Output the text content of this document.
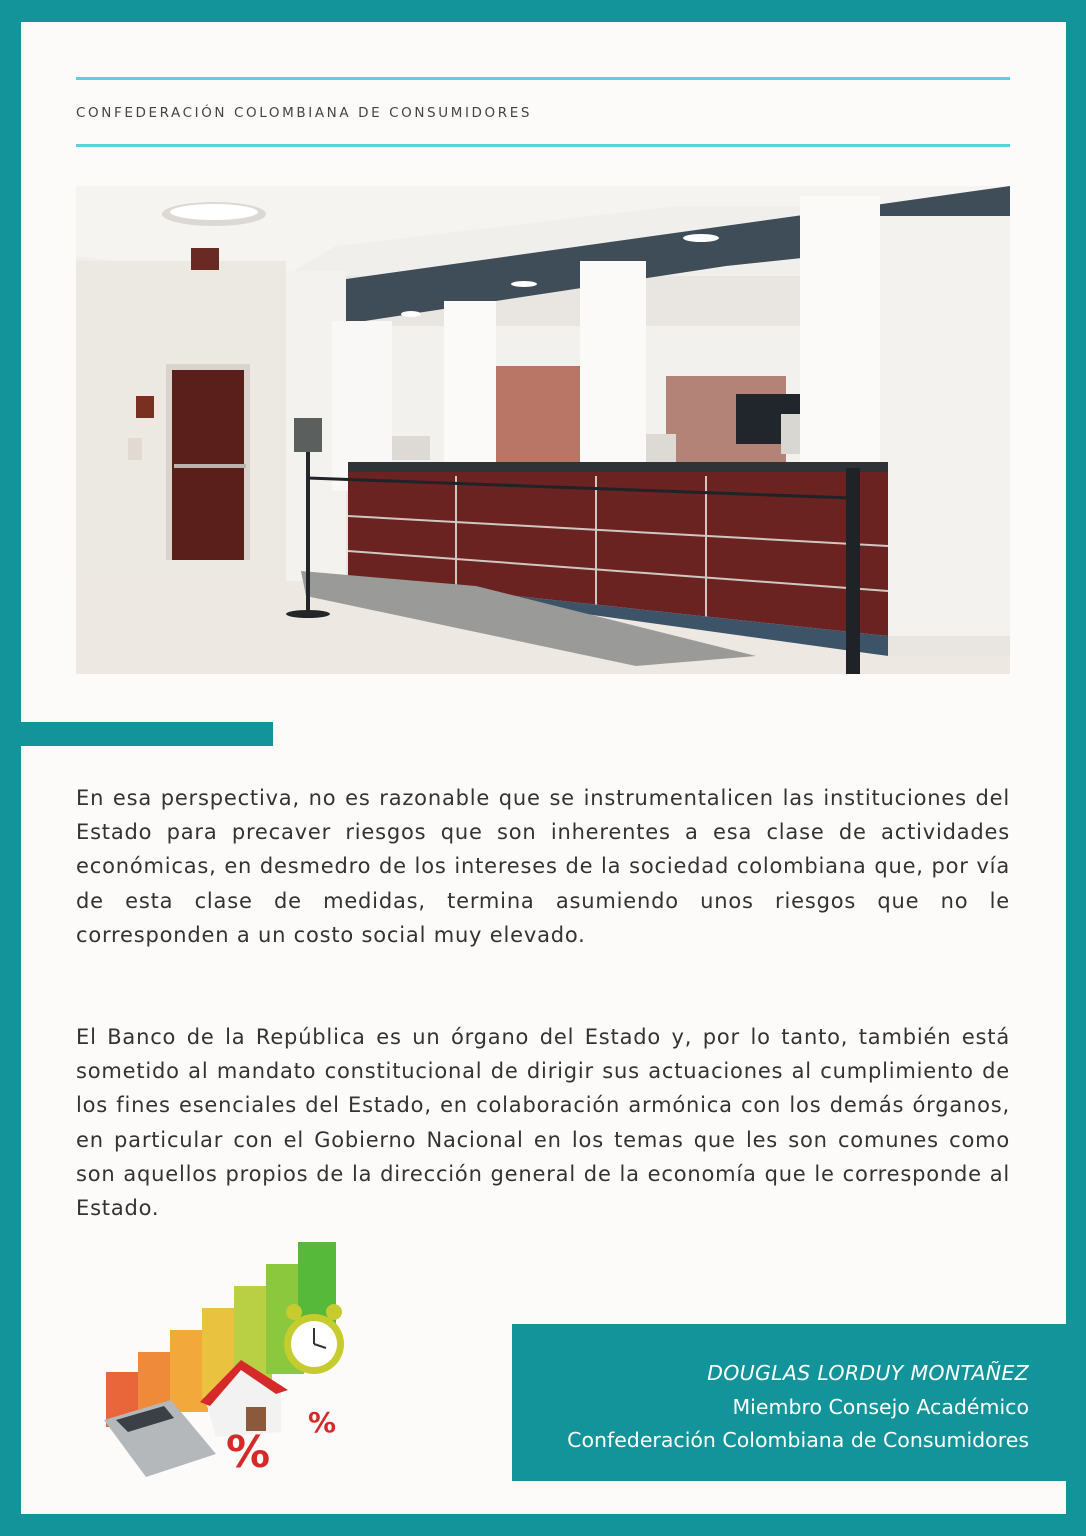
CONFEDERACIÓN COLOMBIANA DE CONSUMIDORES

En esa perspectiva, no es razonable que se instrumentalicen las instituciones del Estado para precaver riesgos que son inherentes a esa clase de actividades económicas, en desmedro de los intereses de la sociedad colombiana que, por vía de esta clase de medidas, termina asumiendo unos riesgos que no le corresponden a un costo social muy elevado.

El Banco de la República es un órgano del Estado y, por lo tanto, también está sometido al mandato constitucional de dirigir sus actuaciones al cumplimiento de los fines esenciales del Estado, en colaboración armónica con los demás órganos, en particular con el Gobierno Nacional en los temas que les son comunes como son aquellos propios de la dirección general de la economía que le corresponde al Estado.

%
%
DOUGLAS LORDUY MONTAÑEZ
Miembro Consejo Académico
Confederación Colombiana de Consumidores
